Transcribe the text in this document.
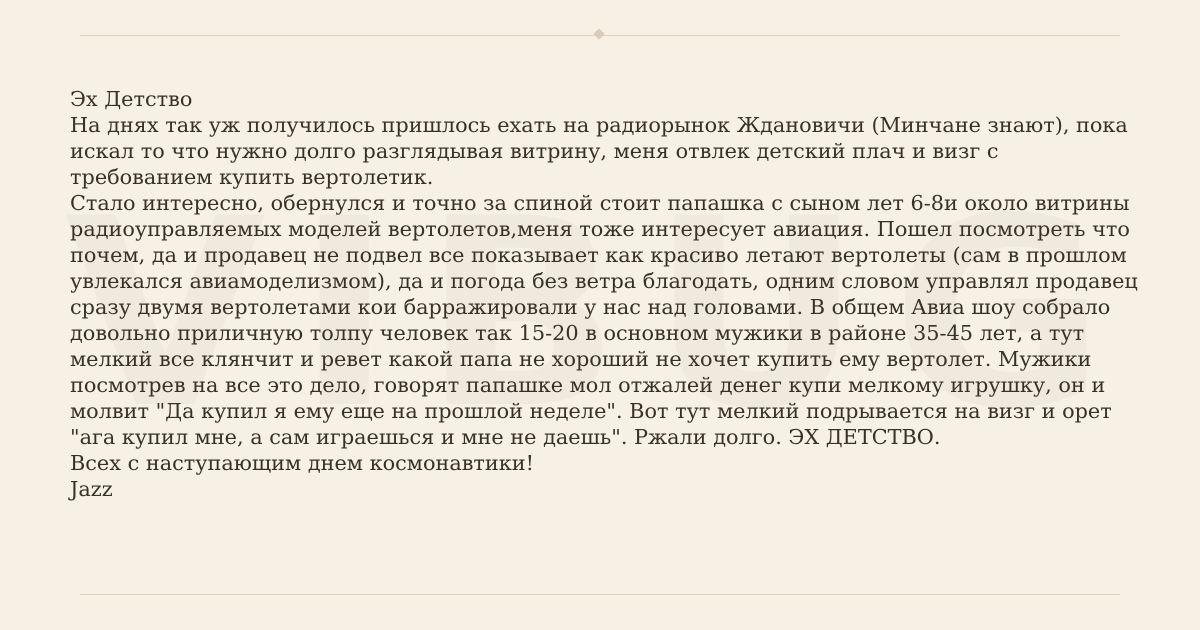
Эх Детство

На днях так уж получилось пришлось ехать на радиорынок Ждановичи (Минчане знают), пока искал то что нужно долго разглядывая витрину, меня отвлек детский плач и визг с требованием купить вертолетик.

Стало интересно, обернулся и точно за спиной стоит папашка с сыном лет 6-8и около витрины радиоуправляемых моделей вертолетов,меня тоже интересует авиация. Пошел посмотреть что почем, да и продавец не подвел все показывает как красиво летают вертолеты (сам в прошлом увлекался авиамоделизмом), да и погода без ветра благодать, одним словом управлял продавец сразу двумя вертолетами кои барражировали у нас над головами. В общем Авиа шоу собрало довольно приличную толпу человек так 15-20 в основном мужики в районе 35-45 лет, а тут мелкий все клянчит и ревет какой папа не хороший не хочет купить ему вертолет. Мужики посмотрев на все это дело, говорят папашке мол отжалей денег купи мелкому игрушку, он и молвит "Да купил я ему еще на прошлой неделе". Вот тут мелкий подрывается на визг и орет "ага купил мне, а сам играешься и мне не даешь". Ржали долго. ЭХ ДЕТСТВО.

Всех с наступающим днем космонавтики!

Jazz
